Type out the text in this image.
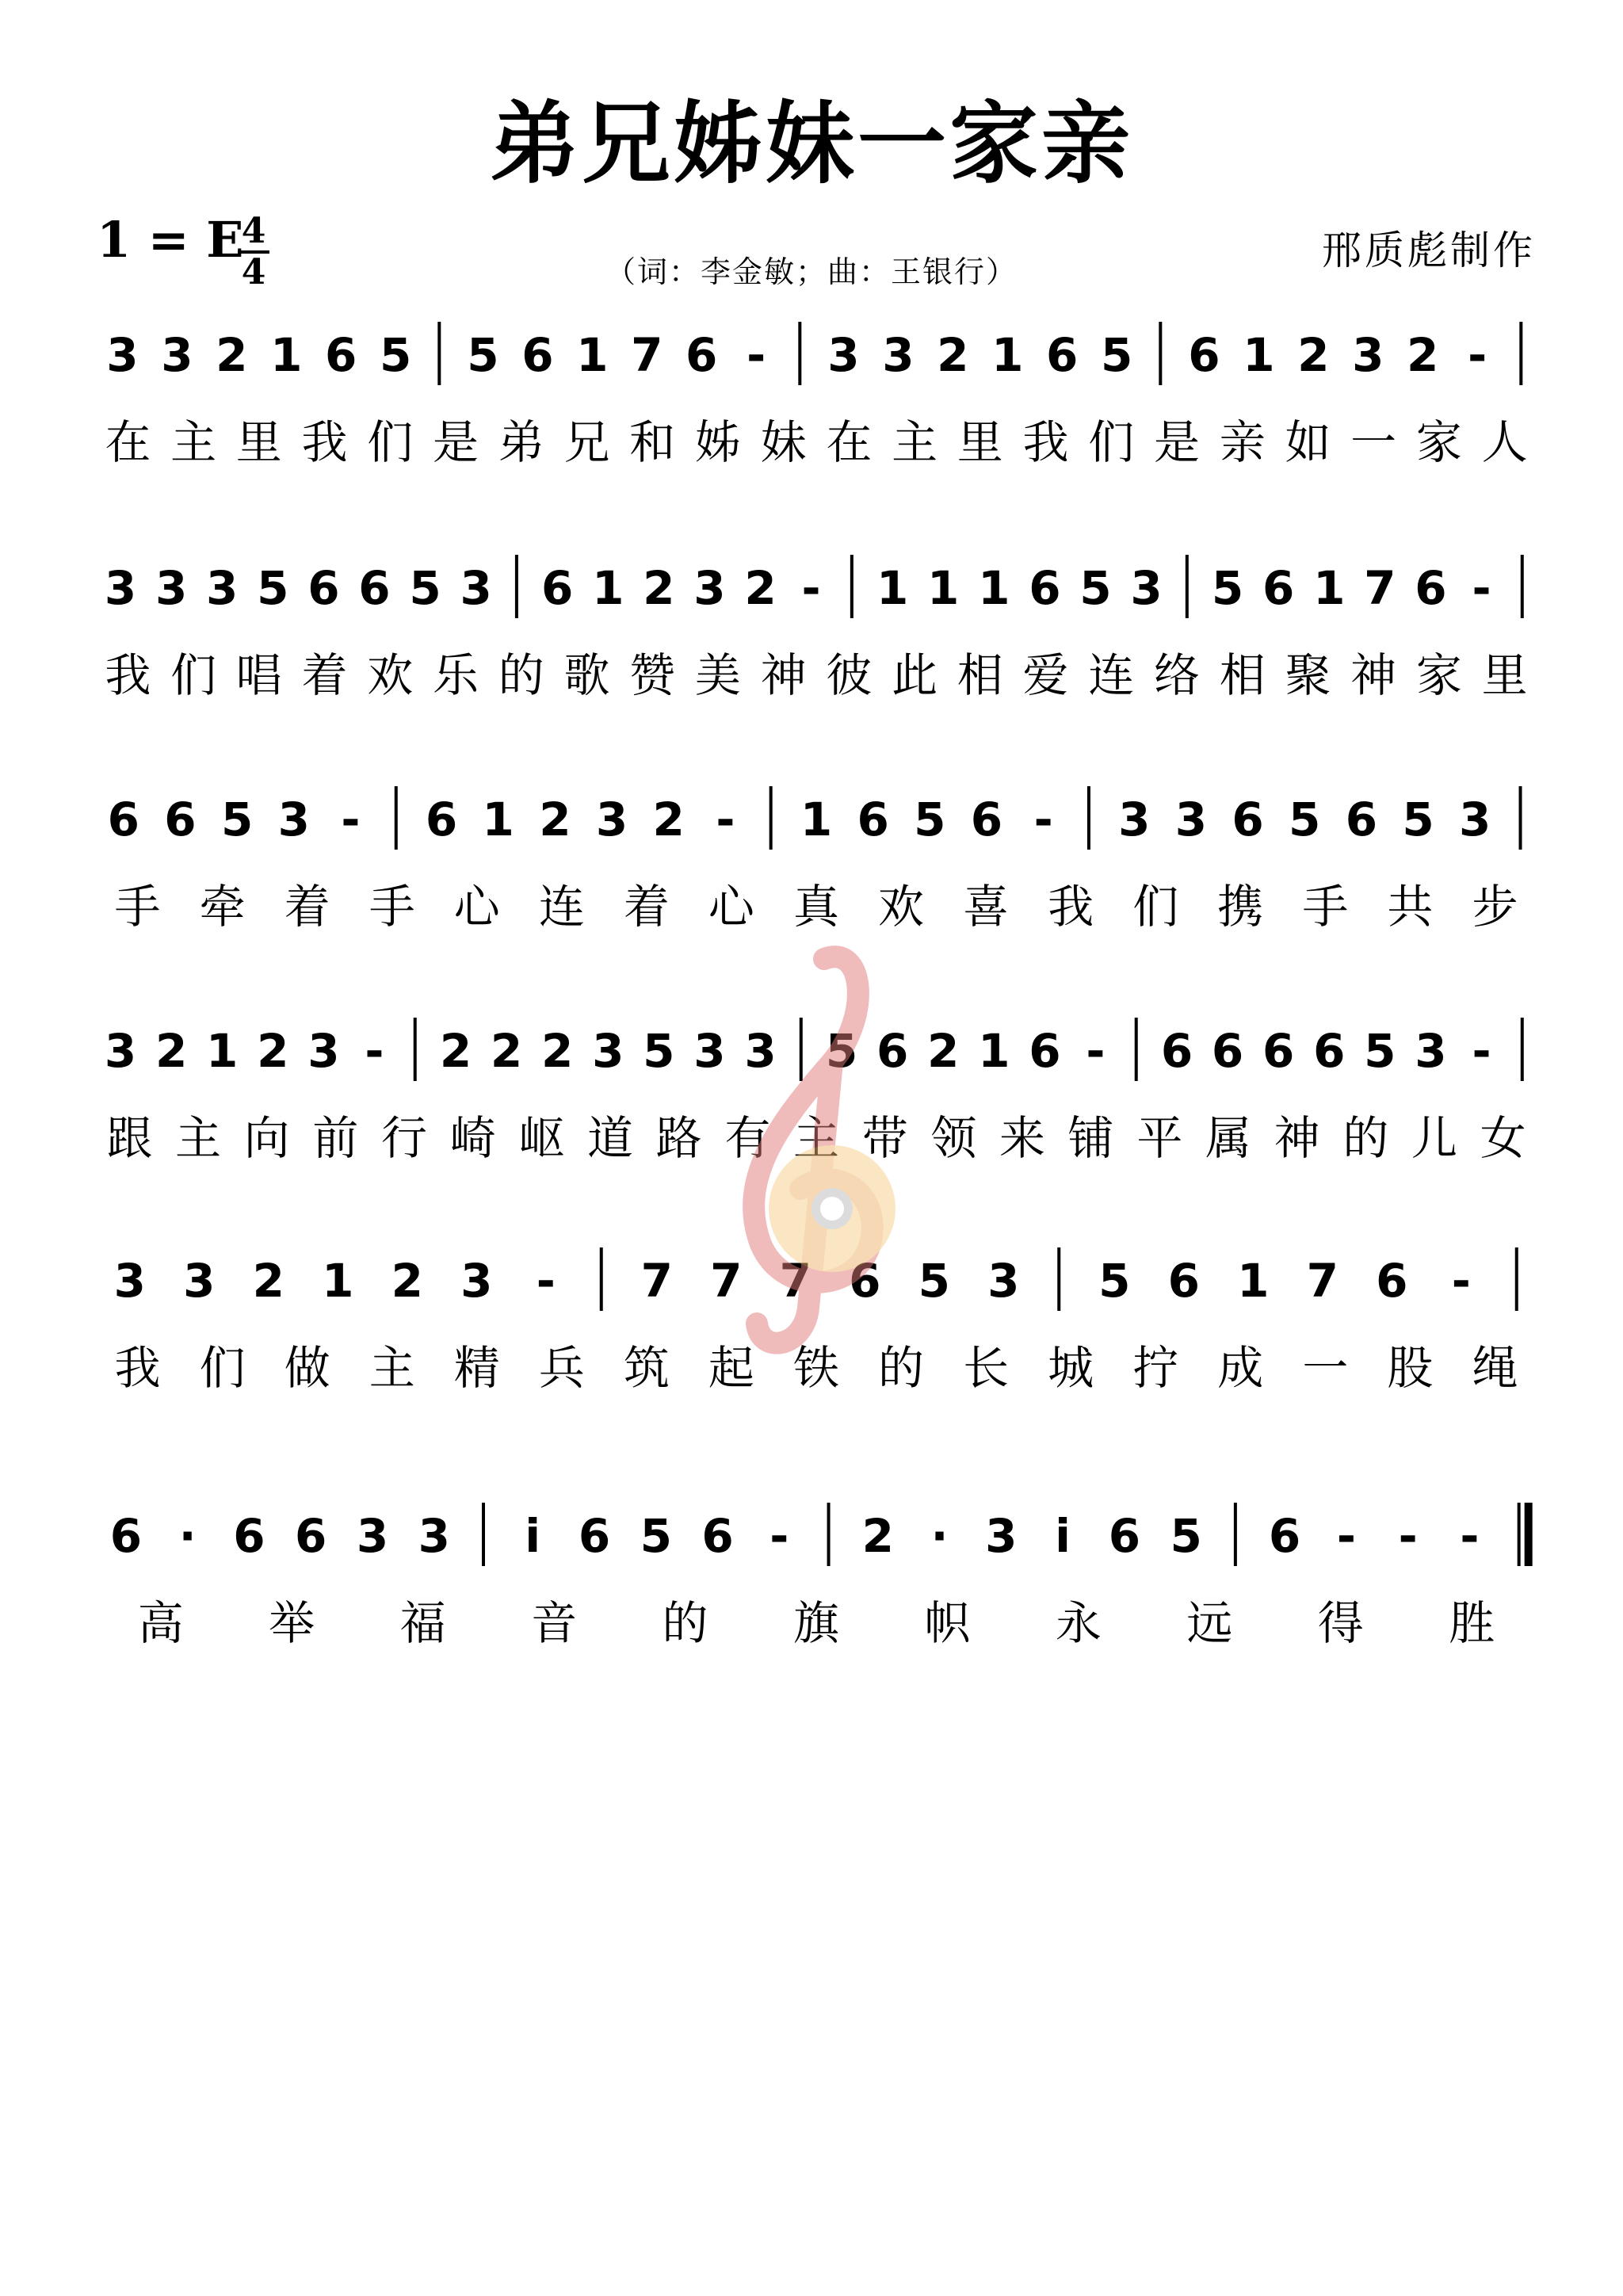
弟兄姊妹一家亲
1 = E
4
4	（词：李金敏；曲：王银行）	邢质彪制作
3 3 2 1 6 5 5 6 1 7 6 - 3 3 2 1 6 5 6 1 2 3 2 -
在 主 里 我 们 是 弟 兄 和 姊 妹 在 主 里 我 们 是 亲 如 一 家 人
3 3 3 5 6 6 5 3 6 1 2 3 2 - 1 1 1 6 5 3 5 6 1 7 6 -
我 们 唱 着 欢 乐 的 歌 赞 美 神 彼 此 相 爱 连 络 相 聚 神 家 里
6 6 5 3 - 6 1 2 3 2 - 1 6 5 6 - 3 3 6 5 6 5 3
手 牵 着 手 心 连 着 心 真 欢 喜 我 们 携 手 共 步
3 2 1 2 3 - 2 2 2 3 5 3 3 5 6 2 1 6 - 6 6 6 6 5 3 -
跟 主 向 前 行 崎 岖 道 路 有 主 带 领 来 铺 平 属 神 的 儿 女
3 3 2 1 2 3 - 7 7 7 6 5 3 5 6 1 7 6 -
我 们 做 主 精 兵 筑 起 铁 的 长 城 拧 成 一 股 绳
6 · 6 6 3 3 i 6 5 6 - 2 · 3 i 6 5 6 - - -
高 举 福 音 的 旗 帜 永 远 得 胜
